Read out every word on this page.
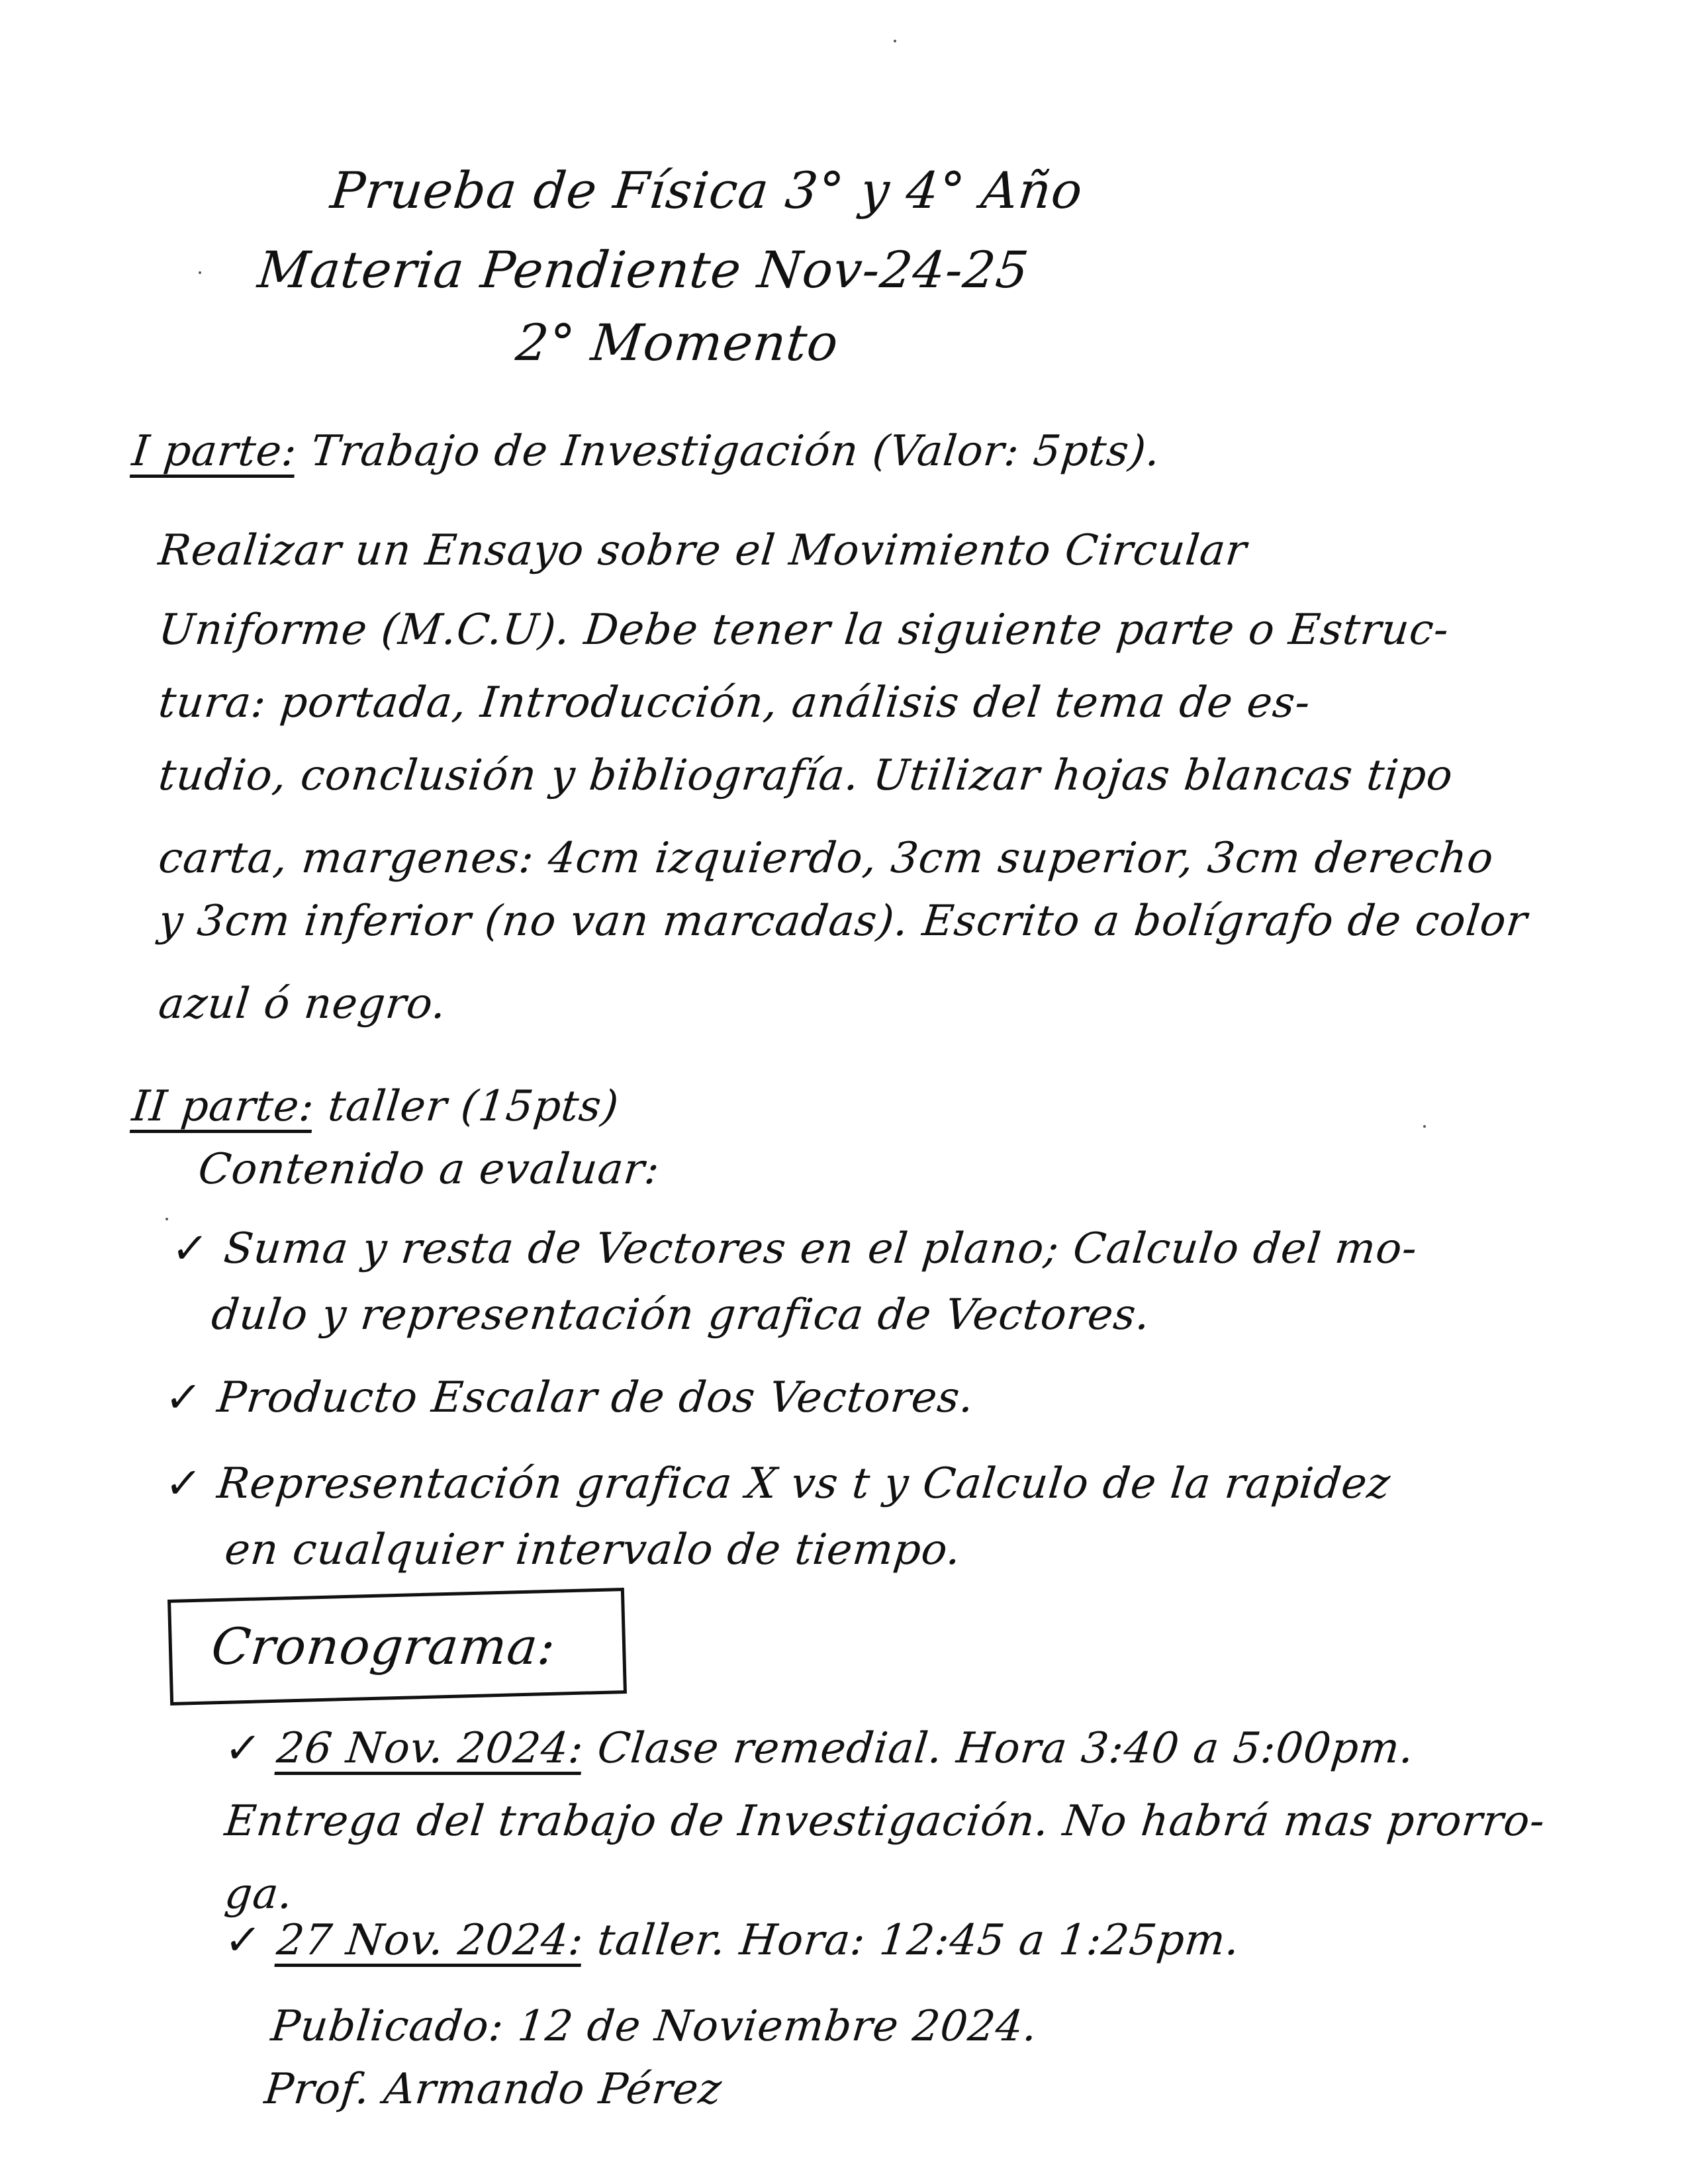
Prueba de Física 3° y 4° Año
Materia Pendiente Nov-24-25
2° Momento
I parte: Trabajo de Investigación (Valor: 5pts).
Realizar un Ensayo sobre el Movimiento Circular
Uniforme (M.C.U). Debe tener la siguiente parte o Estruc-
tura: portada, Introducción, análisis del tema de es-
tudio, conclusión y bibliografía. Utilizar hojas blancas tipo
carta, margenes: 4cm izquierdo, 3cm superior, 3cm derecho
y 3cm inferior (no van marcadas). Escrito a bolígrafo de color
azul ó negro.
II parte: taller (15pts)
Contenido a evaluar:
✓ Suma y resta de Vectores en el plano; Calculo del mo-
dulo y representación grafica de Vectores.
✓ Producto Escalar de dos Vectores.
✓ Representación grafica X vs t y Calculo de la rapidez
en cualquier intervalo de tiempo.
Cronograma:
✓ 26 Nov. 2024: Clase remedial. Hora 3:40 a 5:00pm.
Entrega del trabajo de Investigación. No habrá mas prorro-
ga.
✓ 27 Nov. 2024: taller. Hora: 12:45 a 1:25pm.
Publicado: 12 de Noviembre 2024.
Prof. Armando Pérez
